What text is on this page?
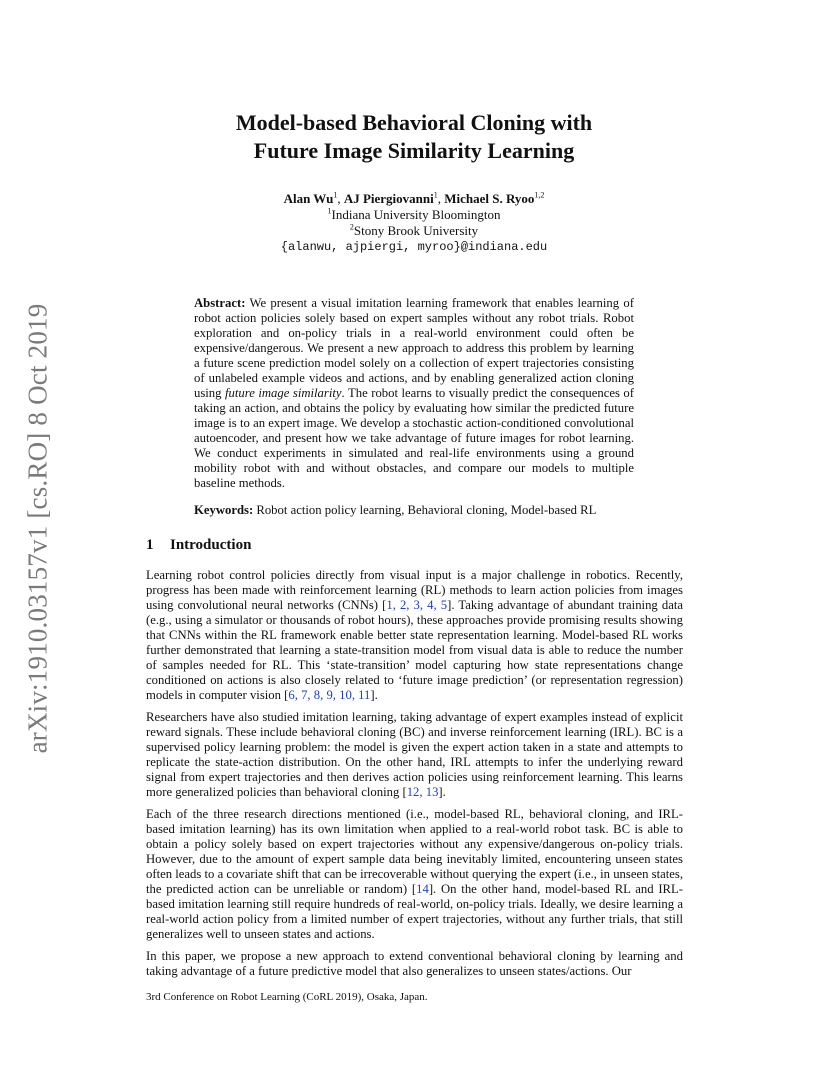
arXiv:1910.03157v1 [cs.RO] 8 Oct 2019
Model-based Behavioral Cloning with
Future Image Similarity Learning
Alan Wu$^1$, AJ Piergiovanni$^1$, Michael S. Ryoo$^{1,2}$
$^1$Indiana University Bloomington
$^2$Stony Brook University
{alanwu, ajpiergi, myroo}@indiana.edu

Abstract: We present a visual imitation learning framework that enables learning of robot action policies solely based on expert samples without any robot trials. Robot exploration and on-policy trials in a real-world environment could often be expensive/dangerous. We present a new approach to address this problem by learning a future scene prediction model solely on a collection of expert trajectories consisting of unlabeled example videos and actions, and by enabling generalized action cloning using future image similarity. The robot learns to visually predict the consequences of taking an action, and obtains the policy by evaluating how similar the predicted future image is to an expert image. We develop a stochastic action-conditioned convolutional autoencoder, and present how we take advantage of future images for robot learning. We conduct experiments in simulated and real-life environments using a ground mobility robot with and without obstacles, and compare our models to multiple baseline methods.

Keywords: Robot action policy learning, Behavioral cloning, Model-based RL

1 Introduction

Learning robot control policies directly from visual input is a major challenge in robotics. Recently, progress has been made with reinforcement learning (RL) methods to learn action policies from images using convolutional neural networks (CNNs) [1, 2, 3, 4, 5]. Taking advantage of abundant training data (e.g., using a simulator or thousands of robot hours), these approaches provide promising results showing that CNNs within the RL framework enable better state representation learning. Model-based RL works further demonstrated that learning a state-transition model from visual data is able to reduce the number of samples needed for RL. This ‘state-transition’ model capturing how state representations change conditioned on actions is also closely related to ‘future image prediction’ (or representation regression) models in computer vision [6, 7, 8, 9, 10, 11].

Researchers have also studied imitation learning, taking advantage of expert examples instead of explicit reward signals. These include behavioral cloning (BC) and inverse reinforcement learning (IRL). BC is a supervised policy learning problem: the model is given the expert action taken in a state and attempts to replicate the state-action distribution. On the other hand, IRL attempts to infer the underlying reward signal from expert trajectories and then derives action policies using reinforcement learning. This learns more generalized policies than behavioral cloning [12, 13].

Each of the three research directions mentioned (i.e., model-based RL, behavioral cloning, and IRL-based imitation learning) has its own limitation when applied to a real-world robot task. BC is able to obtain a policy solely based on expert trajectories without any expensive/dangerous on-policy trials. However, due to the amount of expert sample data being inevitably limited, encountering unseen states often leads to a covariate shift that can be irrecoverable without querying the expert (i.e., in unseen states, the predicted action can be unreliable or random) [14]. On the other hand, model-based RL and IRL-based imitation learning still require hundreds of real-world, on-policy trials. Ideally, we desire learning a real-world action policy from a limited number of expert trajectories, without any further trials, that still generalizes well to unseen states and actions.

In this paper, we propose a new approach to extend conventional behavioral cloning by learning and taking advantage of a future predictive model that also generalizes to unseen states/actions. Our

3rd Conference on Robot Learning (CoRL 2019), Osaka, Japan.
